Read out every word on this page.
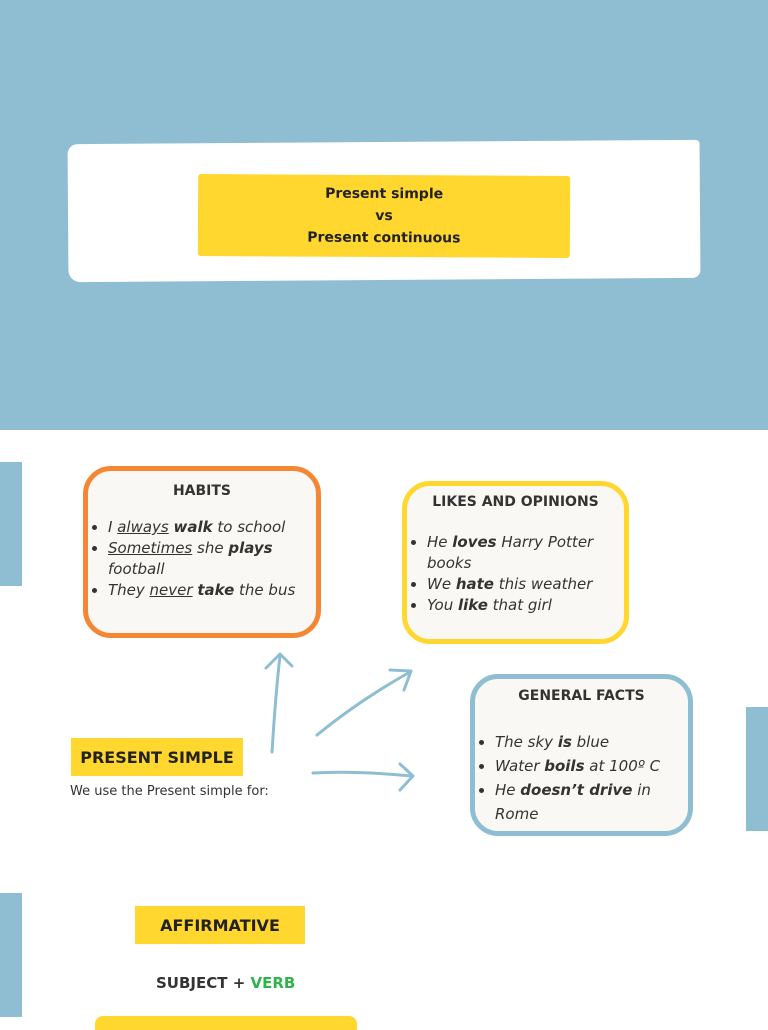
Present simple
vs
Present continuous
HABITS
• I always walk to school
• Sometimes she plays football
• They never take the bus
LIKES AND OPINIONS
• He loves Harry Potter books
• We hate this weather
• You like that girl
GENERAL FACTS
• The sky is blue
• Water boils at 100º C
• He doesn’t drive in Rome
PRESENT SIMPLE
We use the Present simple for:
AFFIRMATIVE
SUBJECT + VERB
